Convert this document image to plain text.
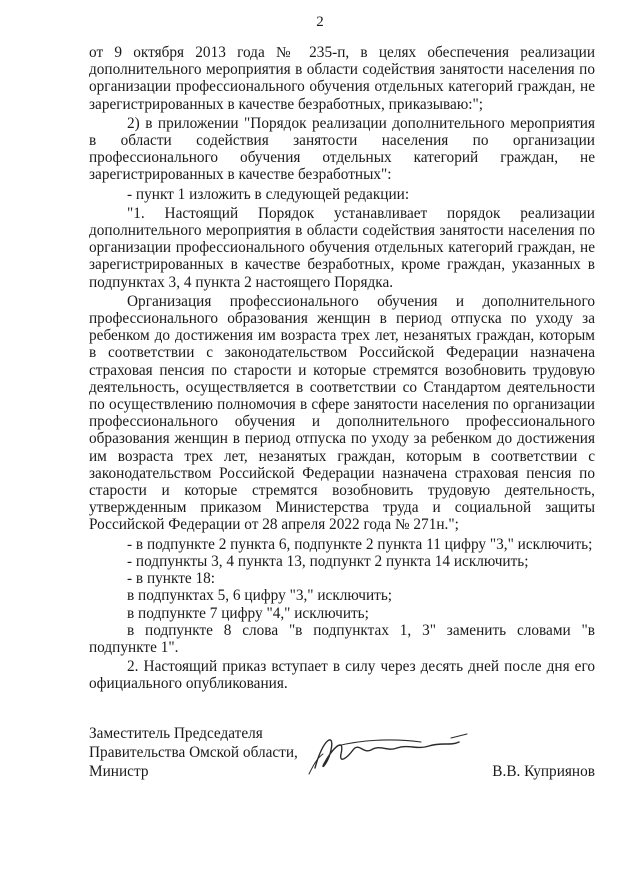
2

от 9 октября 2013 года № 235-п, в целях обеспечения реализации дополнительного мероприятия в области содействия занятости населения по организации профессионального обучения отдельных категорий граждан, не зарегистрированных в качестве безработных, приказываю:";

2) в приложении "Порядок реализации дополнительного мероприятия в области содействия занятости населения по организации профессионального обучения отдельных категорий граждан, не зарегистрированных в качестве безработных":

- пункт 1 изложить в следующей редакции:

"1. Настоящий Порядок устанавливает порядок реализации дополнительного мероприятия в области содействия занятости населения по организации профессионального обучения отдельных категорий граждан, не зарегистрированных в качестве безработных, кроме граждан, указанных в подпунктах 3, 4 пункта 2 настоящего Порядка.

Организация профессионального обучения и дополнительного профессионального образования женщин в период отпуска по уходу за ребенком до достижения им возраста трех лет, незанятых граждан, которым в соответствии с законодательством Российской Федерации назначена страховая пенсия по старости и которые стремятся возобновить трудовую деятельность, осуществляется в соответствии со Стандартом деятельности по осуществлению полномочия в сфере занятости населения по организации профессионального обучения и дополнительного профессионального образования женщин в период отпуска по уходу за ребенком до достижения им возраста трех лет, незанятых граждан, которым в соответствии с законодательством Российской Федерации назначена страховая пенсия по старости и которые стремятся возобновить трудовую деятельность, утвержденным приказом Министерства труда и социальной защиты Российской Федерации от 28 апреля 2022 года № 271н.";

- в подпункте 2 пункта 6, подпункте 2 пункта 11 цифру "3," исключить;

- подпункты 3, 4 пункта 13, подпункт 2 пункта 14 исключить;

- в пункте 18:

в подпунктах 5, 6 цифру "3," исключить;

в подпункте 7 цифру "4," исключить;

в подпункте 8 слова "в подпунктах 1, 3" заменить словами "в подпункте 1".

2. Настоящий приказ вступает в силу через десять дней после дня его официального опубликования.

Заместитель Председателя
Правительства Омской области,
Министр	В.В. Куприянов
